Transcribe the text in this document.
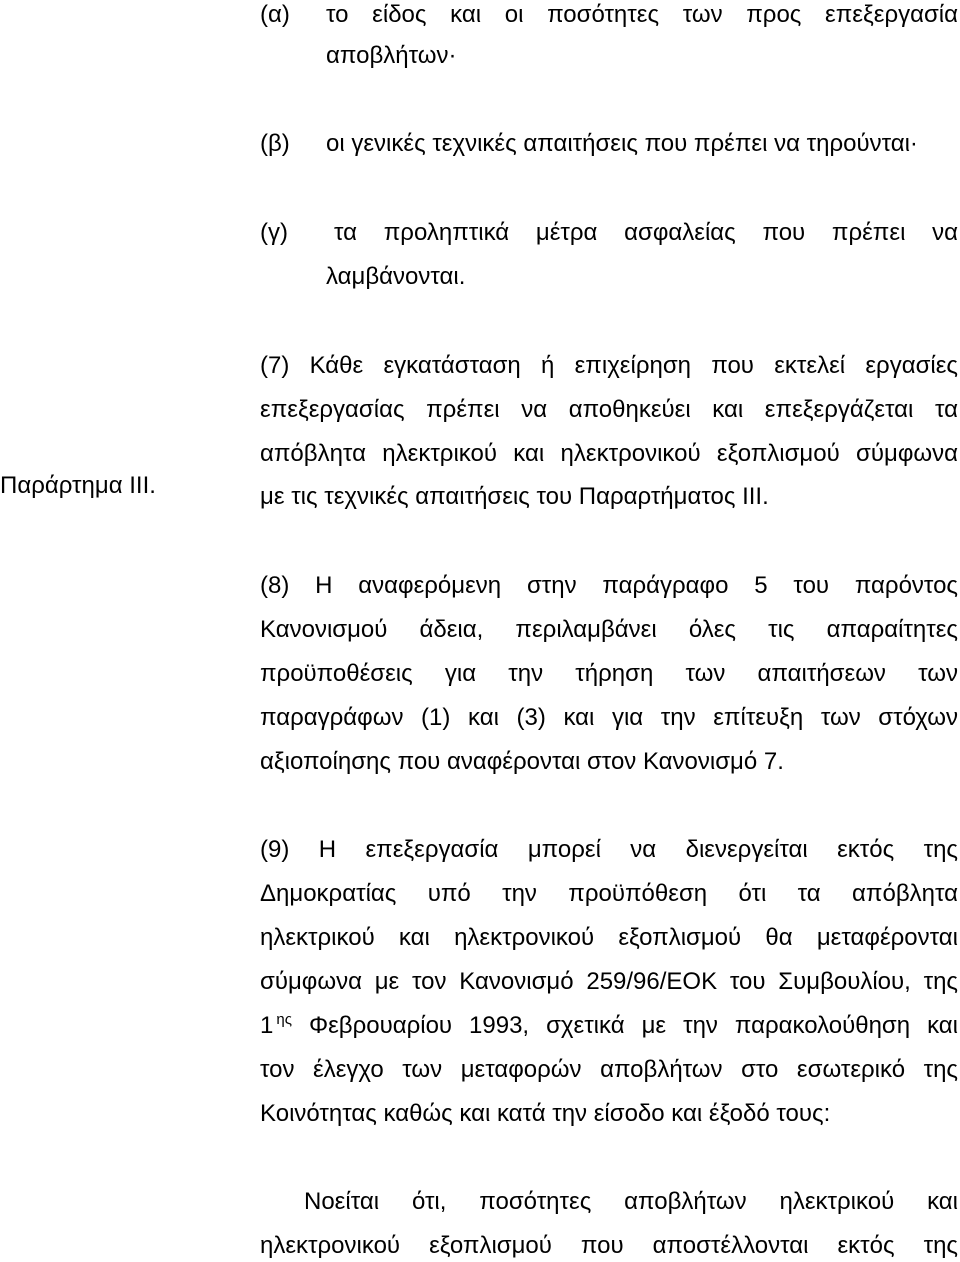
(α) το είδος και οι ποσότητες των προς επεξεργασία
αποβλήτων·
(β) οι γενικές τεχνικές απαιτήσεις που πρέπει να τηρούνται·
(γ) τα προληπτικά μέτρα ασφαλείας που πρέπει να
λαμβάνονται.
Παράρτημα ΙΙΙ.
(7) Κάθε εγκατάσταση ή επιχείρηση που εκτελεί εργασίες
επεξεργασίας πρέπει να αποθηκεύει και επεξεργάζεται τα
απόβλητα ηλεκτρικού και ηλεκτρονικού εξοπλισμού σύμφωνα
με τις τεχνικές απαιτήσεις του Παραρτήματος ΙΙΙ.
(8) Η αναφερόμενη στην παράγραφο 5 του παρόντος
Κανονισμού άδεια, περιλαμβάνει όλες τις απαραίτητες
προϋποθέσεις για την τήρηση των απαιτήσεων των
παραγράφων (1) και (3) και για την επίτευξη των στόχων
αξιοποίησης που αναφέρονται στον Κανονισμό 7.
(9) Η επεξεργασία μπορεί να διενεργείται εκτός της
Δημοκρατίας υπό την προϋπόθεση ότι τα απόβλητα
ηλεκτρικού και ηλεκτρονικού εξοπλισμού θα μεταφέρονται
σύμφωνα με τον Κανονισμό 259/96/ΕΟΚ του Συμβουλίου, της
1 $^{\eta\varsigma}$ Φεβρουαρίου 1993, σχετικά με την παρακολούθηση και
τον έλεγχο των μεταφορών αποβλήτων στο εσωτερικό της
Κοινότητας καθώς και κατά την είσοδο και έξοδό τους:
Νοείται ότι, ποσότητες αποβλήτων ηλεκτρικού και
ηλεκτρονικού εξοπλισμού που αποστέλλονται εκτός της
